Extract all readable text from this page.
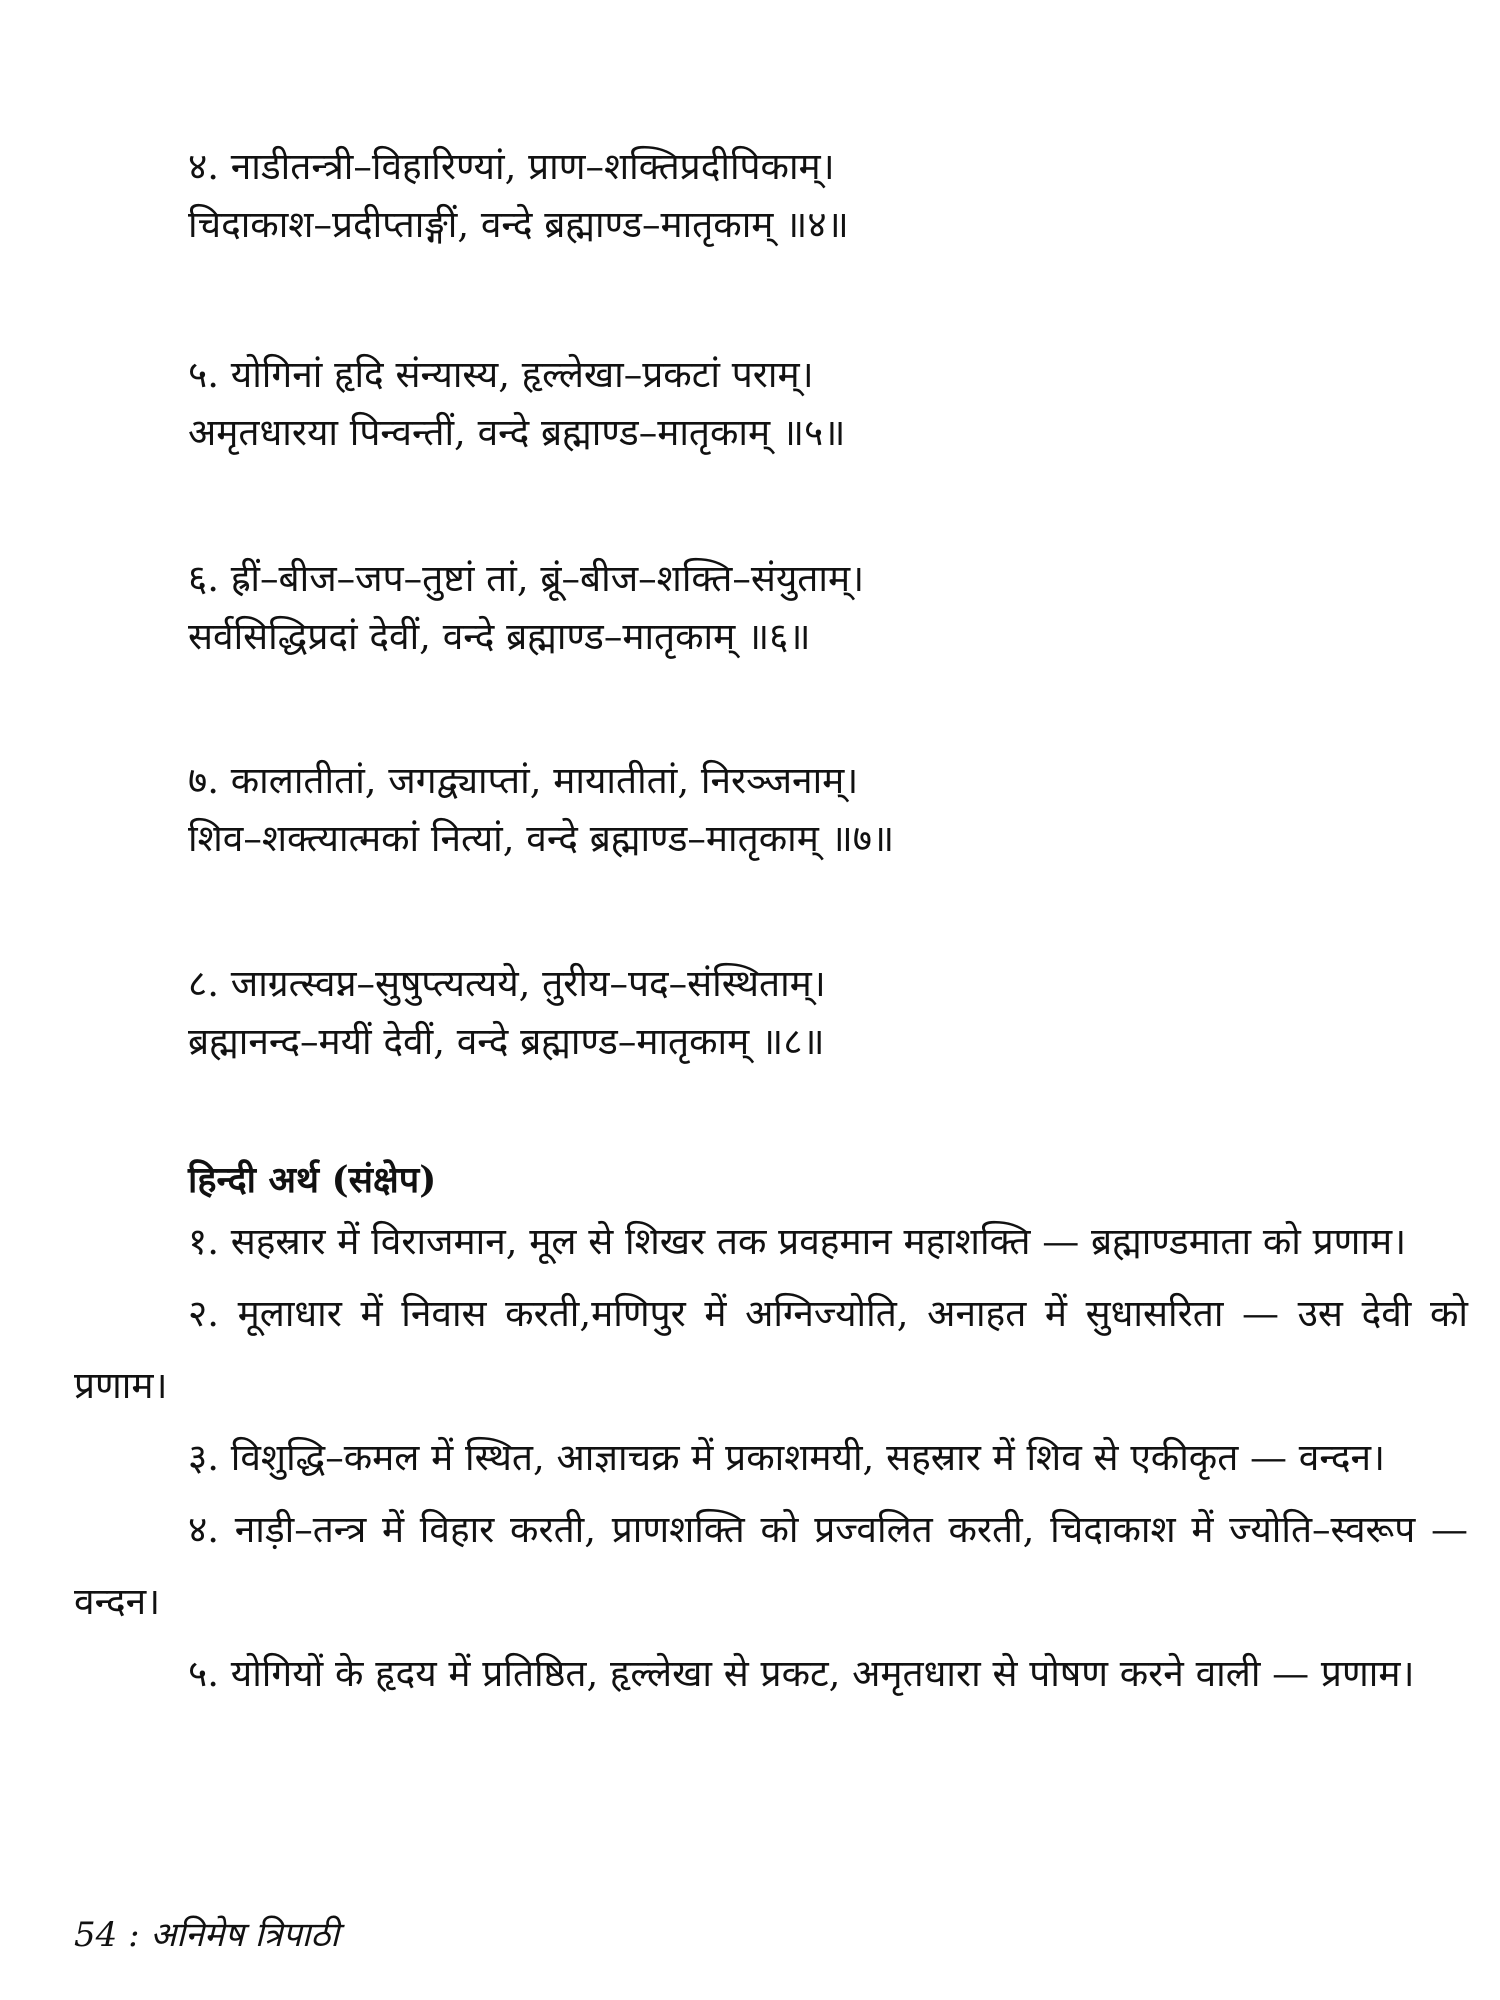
४. नाडीतन्त्री–विहारिण्यां, प्राण–शक्तिप्रदीपिकाम्।
चिदाकाश–प्रदीप्ताङ्गीं, वन्दे ब्रह्माण्ड–मातृकाम् ॥४॥
५. योगिनां हृदि संन्यास्य, हृल्लेखा–प्रकटां पराम्।
अमृतधारया पिन्वन्तीं, वन्दे ब्रह्माण्ड–मातृकाम् ॥५॥
६. ह्रीं–बीज–जप–तुष्टां तां, ब्रूं–बीज–शक्ति–संयुताम्।
सर्वसिद्धिप्रदां देवीं, वन्दे ब्रह्माण्ड–मातृकाम् ॥६॥
७. कालातीतां, जगद्व्याप्तां, मायातीतां, निरञ्जनाम्।
शिव–शक्त्यात्मकां नित्यां, वन्दे ब्रह्माण्ड–मातृकाम् ॥७॥
८. जाग्रत्स्वप्न–सुषुप्त्यत्यये, तुरीय–पद–संस्थिताम्।
ब्रह्मानन्द–मयीं देवीं, वन्दे ब्रह्माण्ड–मातृकाम् ॥८॥
हिन्दी अर्थ (संक्षेप)

१. सहस्रार में विराजमान, मूल से शिखर तक प्रवहमान महाशक्ति — ब्रह्माण्डमाता को प्रणाम।

२. मूलाधार में निवास करती,मणिपुर में अग्निज्योति, अनाहत में सुधासरिता — उस देवी को प्रणाम।

३. विशुद्धि–कमल में स्थित, आज्ञाचक्र में प्रकाशमयी, सहस्रार में शिव से एकीकृत — वन्दन।

४. नाड़ी–तन्त्र में विहार करती, प्राणशक्ति को प्रज्वलित करती, चिदाकाश में ज्योति–स्वरूप — वन्दन।

५. योगियों के हृदय में प्रतिष्ठित, हृल्लेखा से प्रकट, अमृतधारा से पोषण करने वाली — प्रणाम।

54 : अनिमेष त्रिपाठी
